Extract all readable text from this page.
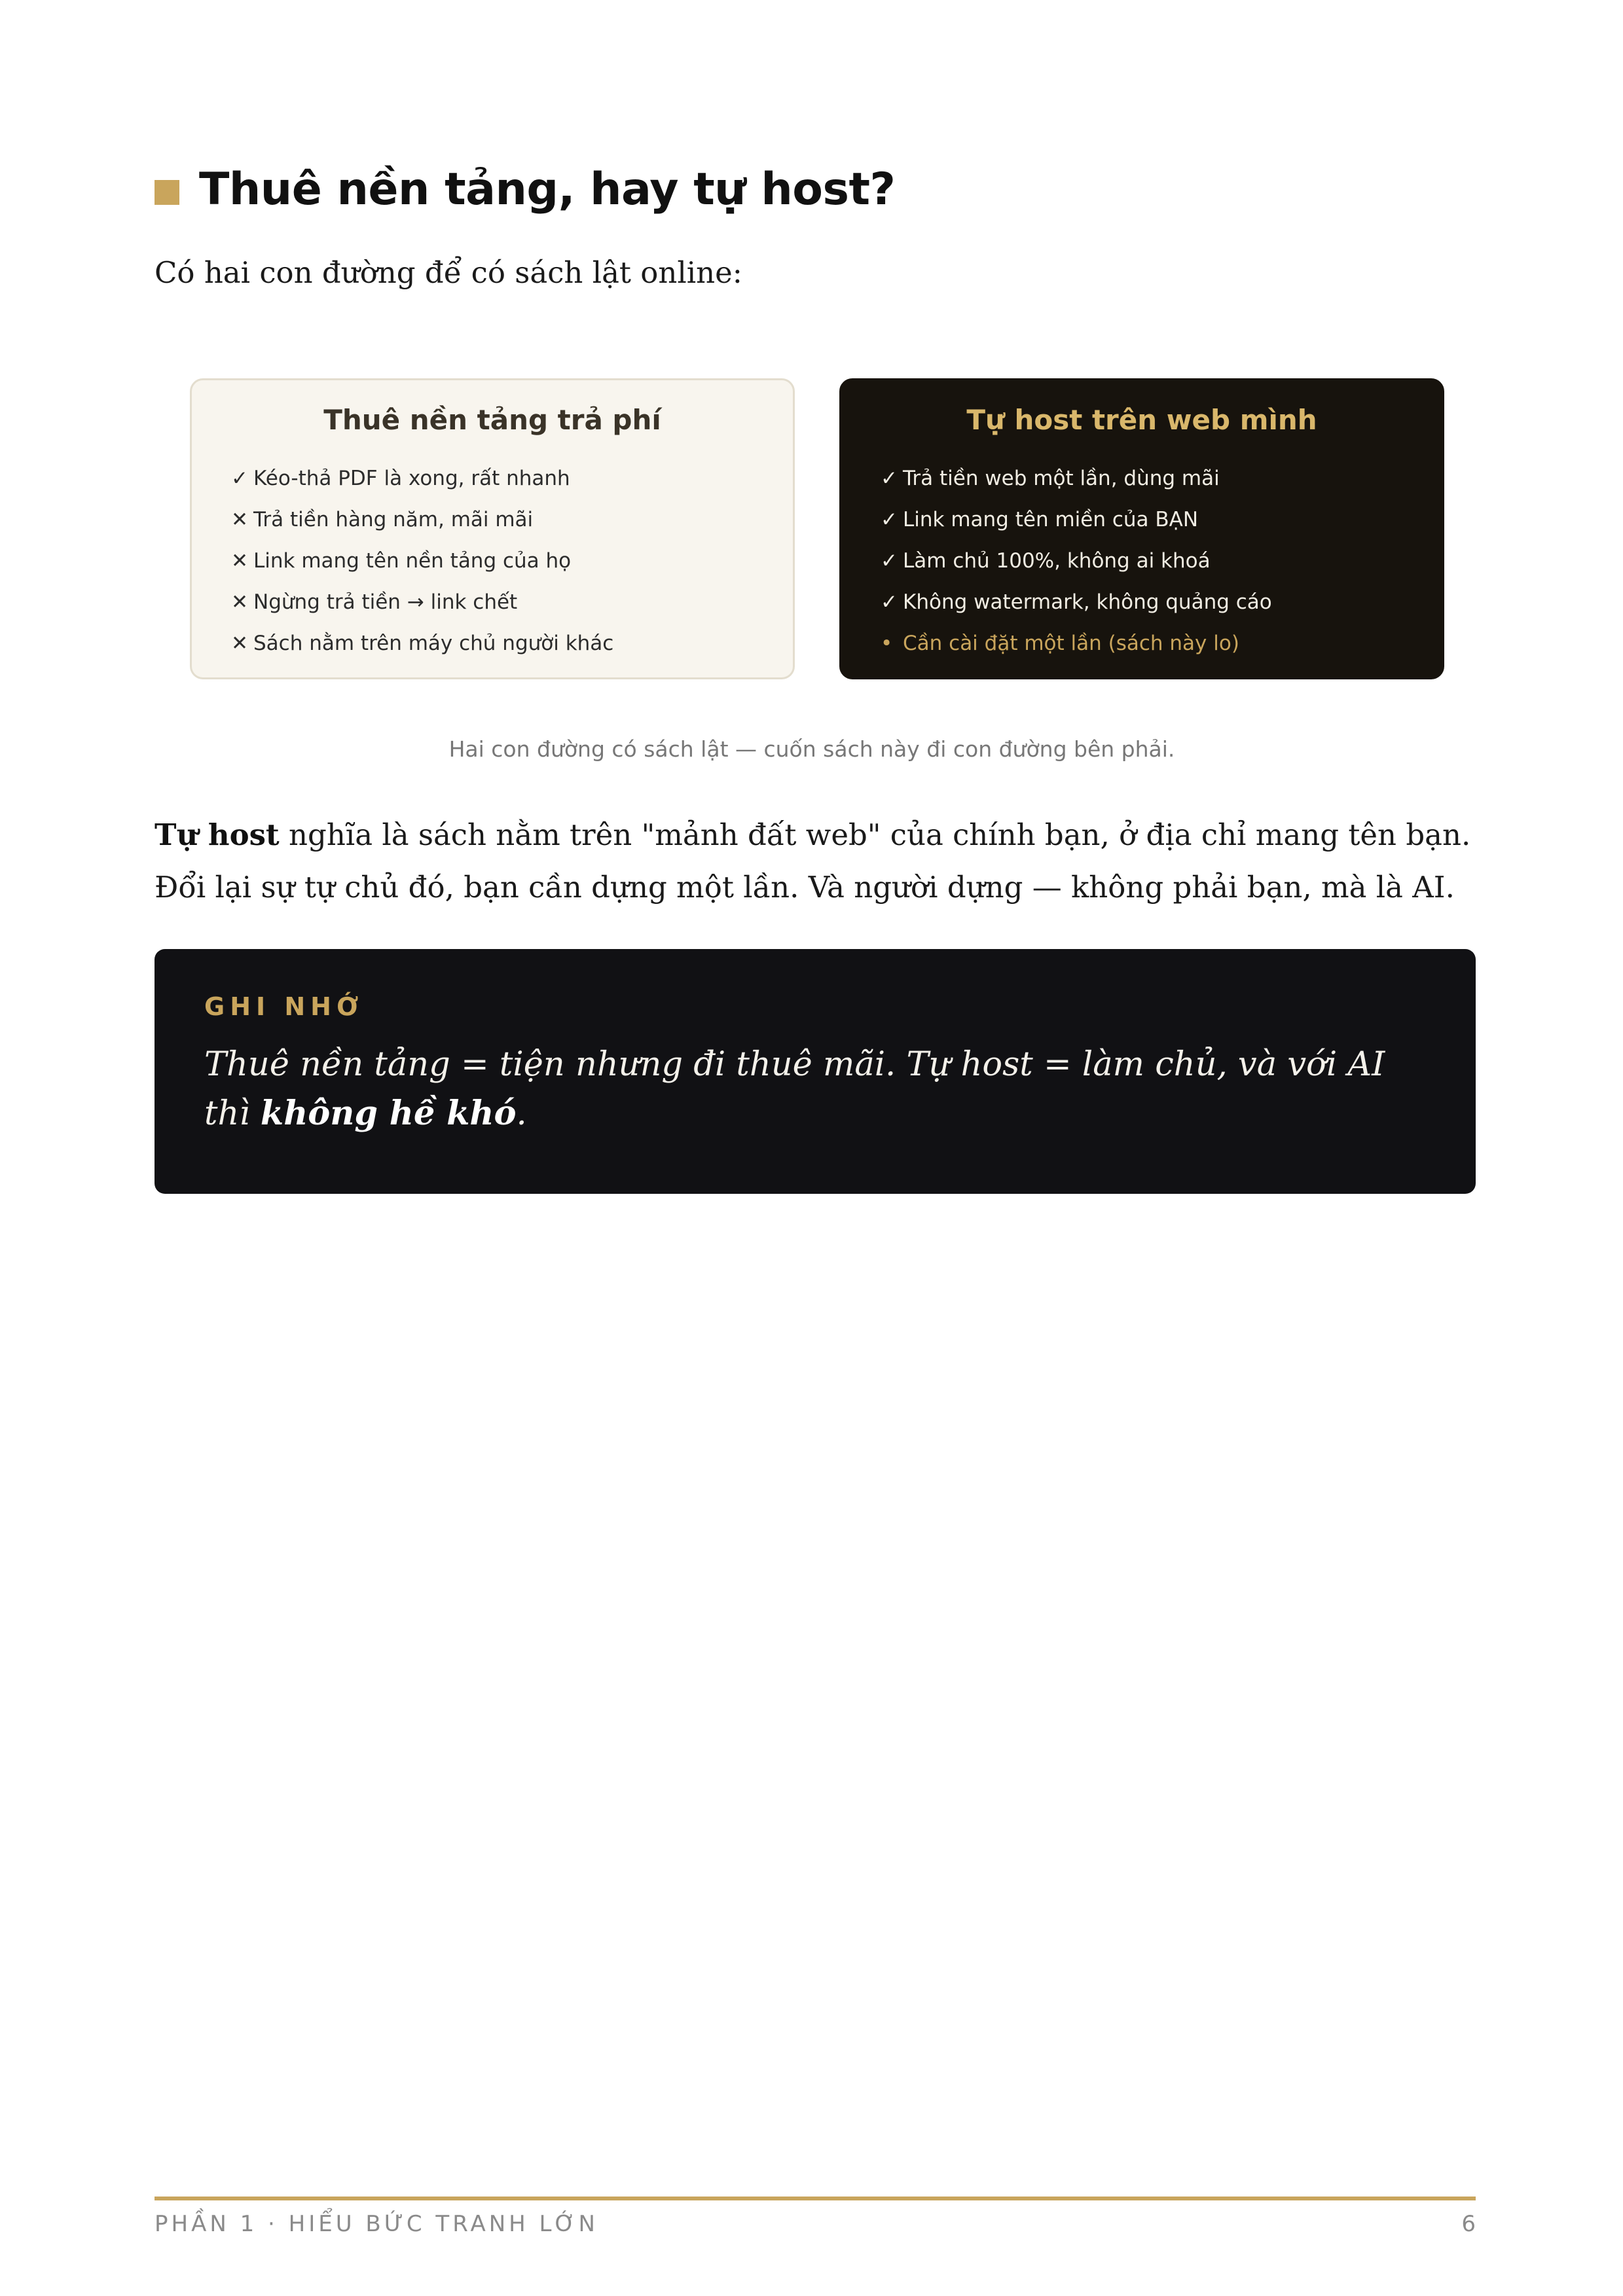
Thuê nền tảng, hay tự host?
Có hai con đường để có sách lật online:
Thuê nền tảng trả phí
✓ Kéo-thả PDF là xong, rất nhanh
✕ Trả tiền hàng năm, mãi mãi
✕ Link mang tên nền tảng của họ
✕ Ngừng trả tiền → link chết
✕ Sách nằm trên máy chủ người khác
Tự host trên web mình
✓ Trả tiền web một lần, dùng mãi
✓ Link mang tên miền của BẠN
✓ Làm chủ 100%, không ai khoá
✓ Không watermark, không quảng cáo
• Cần cài đặt một lần (sách này lo)
Hai con đường có sách lật — cuốn sách này đi con đường bên phải.
Tự host nghĩa là sách nằm trên "mảnh đất web" của chính bạn, ở địa chỉ mang tên bạn. Đổi lại sự tự chủ đó, bạn cần dựng một lần. Và người dựng — không phải bạn, mà là AI.
GHI NHỚ
Thuê nền tảng = tiện nhưng đi thuê mãi. Tự host = làm chủ, và với AI thì không hề khó.
PHẦN 1 · HIỂU BỨC TRANH LỚN	6
